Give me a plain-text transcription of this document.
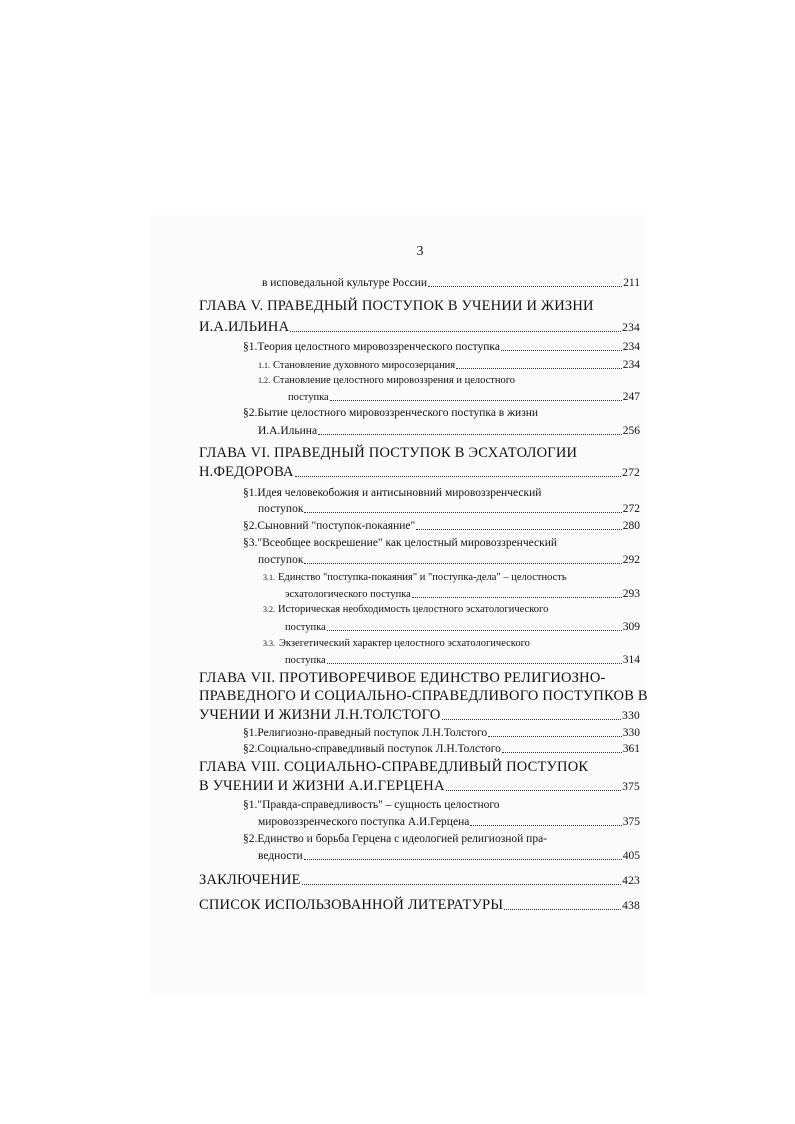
3
в исповедальной культуре России	211
ГЛАВА V. ПРАВЕДНЫЙ ПОСТУПОК В УЧЕНИИ И ЖИЗНИ
И.А.ИЛЬИНА	234
§1.Теория целостного мировоззренческого поступка	234
1.1. Становление духовного миросозерцания	234
1.2. Становление целостного мировоззрения и целостного
поступка	247
§2.Бытие целостного мировоззренческого поступка в жизни
И.А.Ильина	256
ГЛАВА VI. ПРАВЕДНЫЙ ПОСТУПОК В ЭСХАТОЛОГИИ
Н.ФЕДОРОВА	272
§1.Идея человекобожия и антисыновний мировоззренческий
поступок	272
§2.Сыновний "поступок-покаяние"	280
§3."Всеобщее воскрешение" как целостный мировоззренческий
поступок	292
3.1. Единство "поступка-покаяния" и "поступка-дела" – целостность
эсхатологического поступка	293
3.2. Историческая необходимость целостного эсхатологического
поступка	309
3.3. Экзегетический характер целостного эсхатологического
поступка	314
ГЛАВА VII. ПРОТИВОРЕЧИВОЕ ЕДИНСТВО РЕЛИГИОЗНО-
ПРАВЕДНОГО И СОЦИАЛЬНО-СПРАВЕДЛИВОГО ПОСТУПКОВ В
УЧЕНИИ И ЖИЗНИ Л.Н.ТОЛСТОГО	330
§1.Религиозно-праведный поступок Л.Н.Толстого	330
§2.Социально-справедливый поступок Л.Н.Толстого	361
ГЛАВА VIII. СОЦИАЛЬНО-СПРАВЕДЛИВЫЙ ПОСТУПОК
В УЧЕНИИ И ЖИЗНИ А.И.ГЕРЦЕНА	375
§1."Правда-справедливость" – сущность целостного
мировоззренческого поступка А.И.Герцена	375
§2.Единство и борьба Герцена с идеологией религиозной пра-
ведности	405
ЗАКЛЮЧЕНИЕ	423
СПИСОК ИСПОЛЬЗОВАННОЙ ЛИТЕРАТУРЫ	438
